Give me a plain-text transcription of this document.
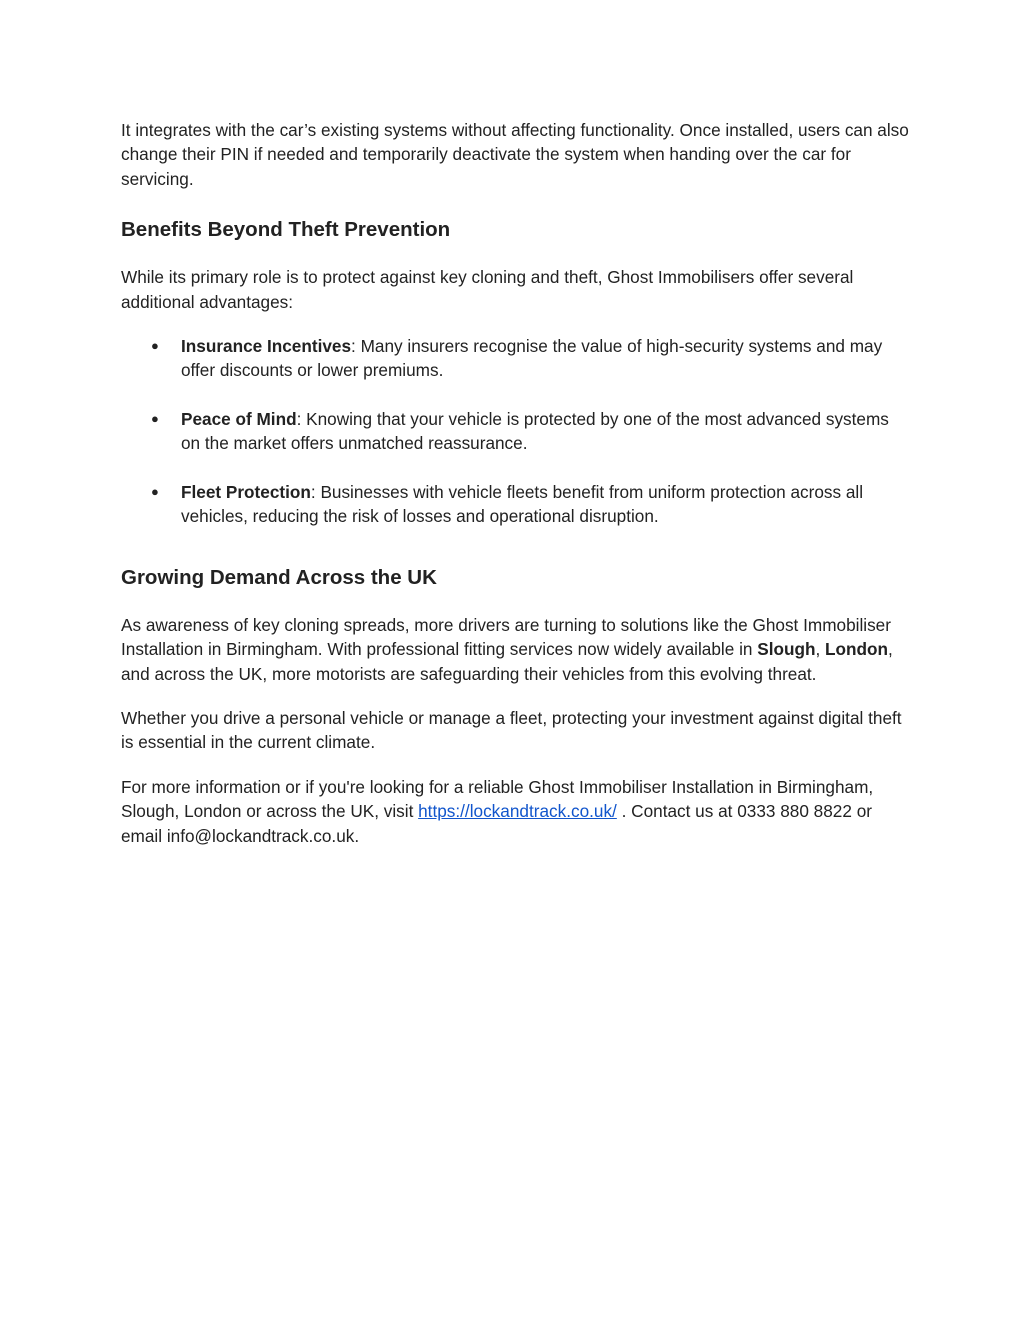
It integrates with the car’s existing systems without affecting functionality. Once installed, users can also change their PIN if needed and temporarily deactivate the system when handing over the car for servicing.

Benefits Beyond Theft Prevention

While its primary role is to protect against key cloning and theft, Ghost Immobilisers offer several additional advantages:

● Insurance Incentives: Many insurers recognise the value of high-security systems and may offer discounts or lower premiums.
● Peace of Mind: Knowing that your vehicle is protected by one of the most advanced systems on the market offers unmatched reassurance.
● Fleet Protection: Businesses with vehicle fleets benefit from uniform protection across all vehicles, reducing the risk of losses and operational disruption.
Growing Demand Across the UK

As awareness of key cloning spreads, more drivers are turning to solutions like the Ghost Immobiliser Installation in Birmingham. With professional fitting services now widely available in Slough, London, and across the UK, more motorists are safeguarding their vehicles from this evolving threat.

Whether you drive a personal vehicle or manage a fleet, protecting your investment against digital theft is essential in the current climate.

For more information or if you're looking for a reliable Ghost Immobiliser Installation in Birmingham, Slough, London or across the UK, visit https://lockandtrack.co.uk/ . Contact us at 0333 880 8822 or email info@lockandtrack.co.uk.
